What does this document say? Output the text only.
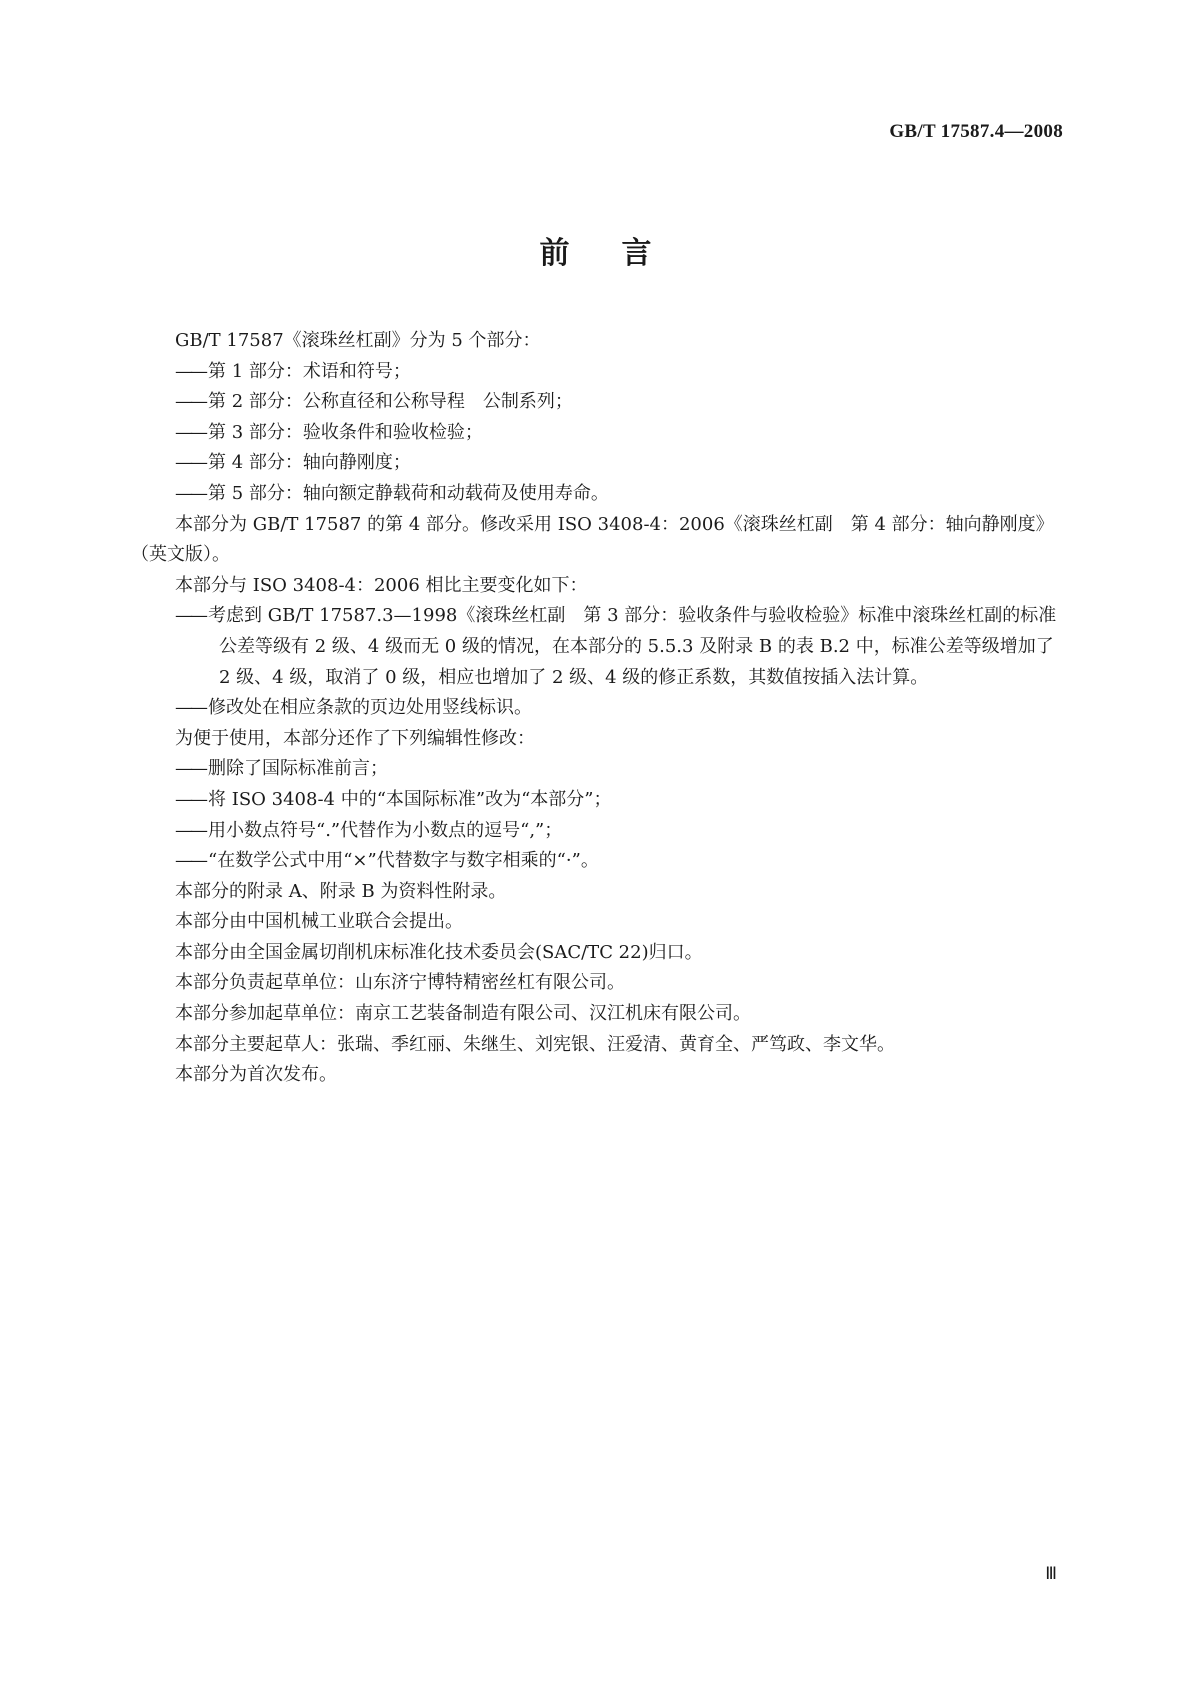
GB/T 17587.4—2008
前言

GB/T 17587《滚珠丝杠副》分为 5 个部分：

—— 第 1 部分：术语和符号；

—— 第 2 部分：公称直径和公称导程　公制系列；

—— 第 3 部分：验收条件和验收检验；

—— 第 4 部分：轴向静刚度；

—— 第 5 部分：轴向额定静载荷和动载荷及使用寿命。

本部分为 GB/T 17587 的第 4 部分。修改采用 ISO 3408-4：2006《滚珠丝杠副　第 4 部分：轴向静刚度》（英文版）。

本部分与 ISO 3408-4：2006 相比主要变化如下：

—— 考虑到 GB/T 17587.3—1998《滚珠丝杠副　第 3 部分：验收条件与验收检验》标准中滚珠丝杠副的标准公差等级有 2 级、4 级而无 0 级的情况，在本部分的 5.5.3 及附录 B 的表 B.2 中，标准公差等级增加了 2 级、4 级，取消了 0 级，相应也增加了 2 级、4 级的修正系数，其数值按插入法计算。

—— 修改处在相应条款的页边处用竖线标识。

为便于使用，本部分还作了下列编辑性修改：

—— 删除了国际标准前言；

—— 将 ISO 3408-4 中的“本国际标准”改为“本部分”；

—— 用小数点符号“.”代替作为小数点的逗号“,”；

—— “在数学公式中用“×”代替数字与数字相乘的“·”。

本部分的附录 A、附录 B 为资料性附录。

本部分由中国机械工业联合会提出。

本部分由全国金属切削机床标准化技术委员会(SAC/TC 22)归口。

本部分负责起草单位：山东济宁博特精密丝杠有限公司。

本部分参加起草单位：南京工艺装备制造有限公司、汉江机床有限公司。

本部分主要起草人：张瑞、季红丽、朱继生、刘宪银、汪爱清、黄育全、严笃政、李文华。

本部分为首次发布。

Ⅲ
